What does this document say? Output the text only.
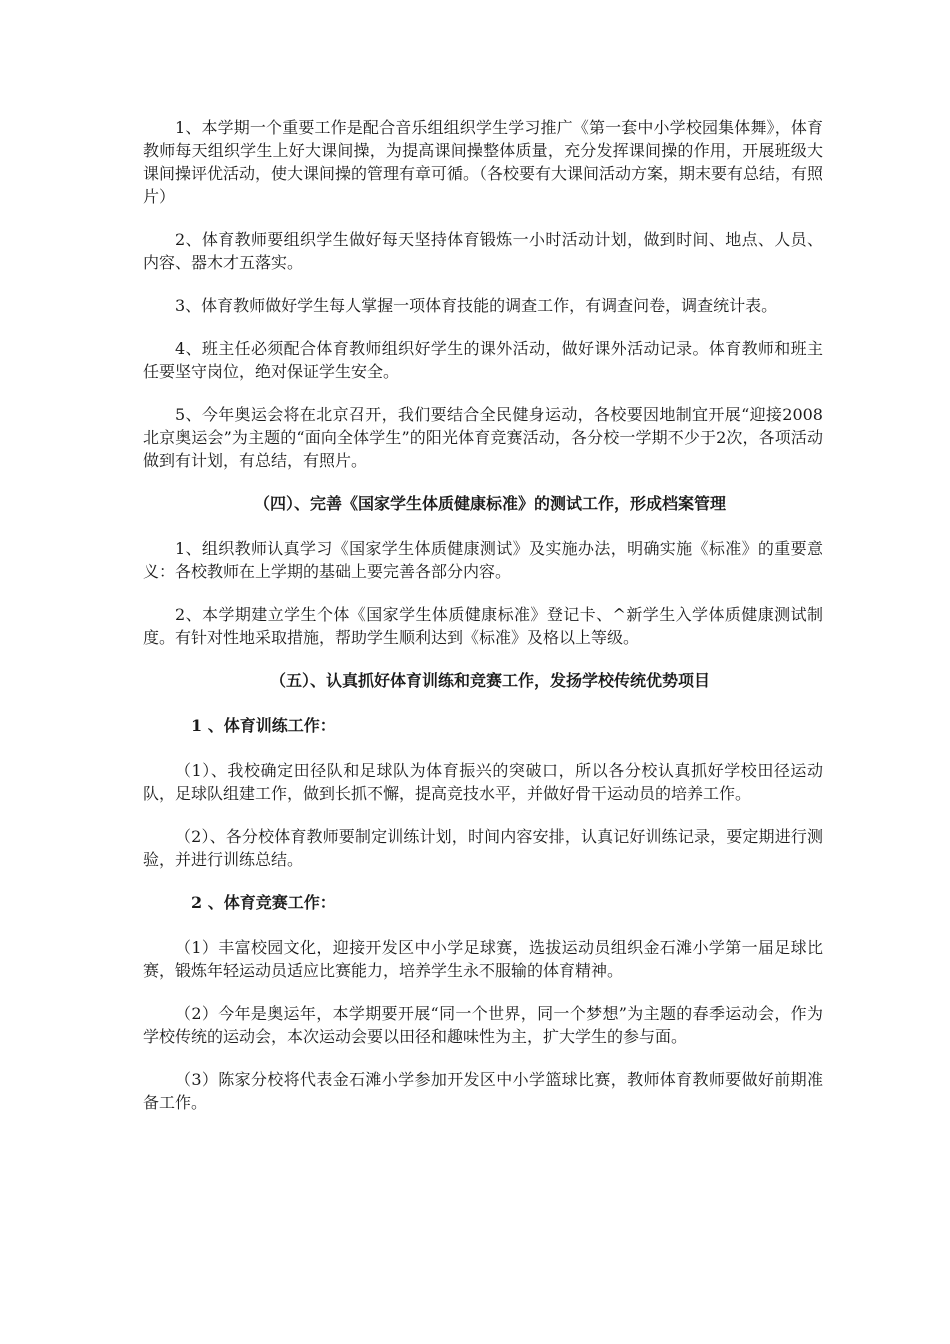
1、本学期一个重要工作是配合音乐组组织学生学习推广《第一套中小学校园集体舞》，体育教师每天组织学生上好大课间操，为提高课间操整体质量，充分发挥课间操的作用，开展班级大课间操评优活动，使大课间操的管理有章可循。（各校要有大课间活动方案，期末要有总结，有照片）

2、体育教师要组织学生做好每天坚持体育锻炼一小时活动计划，做到时间、地点、人员、内容、器木才五落实。

3、体育教师做好学生每人掌握一项体育技能的调查工作，有调查问卷，调查统计表。

4、班主任必须配合体育教师组织好学生的课外活动，做好课外活动记录。体育教师和班主任要坚守岗位，绝对保证学生安全。

5、今年奥运会将在北京召开，我们要结合全民健身运动，各校要因地制宜开展“迎接2008北京奥运会”为主题的“面向全体学生”的阳光体育竞赛活动，各分校一学期不少于2次，各项活动做到有计划，有总结，有照片。

（四）、完善《国家学生体质健康标准》的测试工作，形成档案管理

1、组织教师认真学习《国家学生体质健康测试》及实施办法，明确实施《标准》的重要意义：各校教师在上学期的基础上要完善各部分内容。

2、本学期建立学生个体《国家学生体质健康标准》登记卡、^新学生入学体质健康测试制度。有针对性地采取措施，帮助学生顺利达到《标准》及格以上等级。

（五）、认真抓好体育训练和竞赛工作，发扬学校传统优势项目
1 、体育训练工作：

（1）、我校确定田径队和足球队为体育振兴的突破口，所以各分校认真抓好学校田径运动队，足球队组建工作，做到长抓不懈，提高竞技水平，并做好骨干运动员的培养工作。

（2）、各分校体育教师要制定训练计划，时间内容安排，认真记好训练记录，要定期进行测验，并进行训练总结。

2 、体育竞赛工作：

（1）丰富校园文化，迎接开发区中小学足球赛，选拔运动员组织金石滩小学第一届足球比赛，锻炼年轻运动员适应比赛能力，培养学生永不服输的体育精神。

（2）今年是奥运年，本学期要开展“同一个世界，同一个梦想”为主题的春季运动会，作为学校传统的运动会，本次运动会要以田径和趣味性为主，扩大学生的参与面。

（3）陈家分校将代表金石滩小学参加开发区中小学篮球比赛，教师体育教师要做好前期准备工作。
